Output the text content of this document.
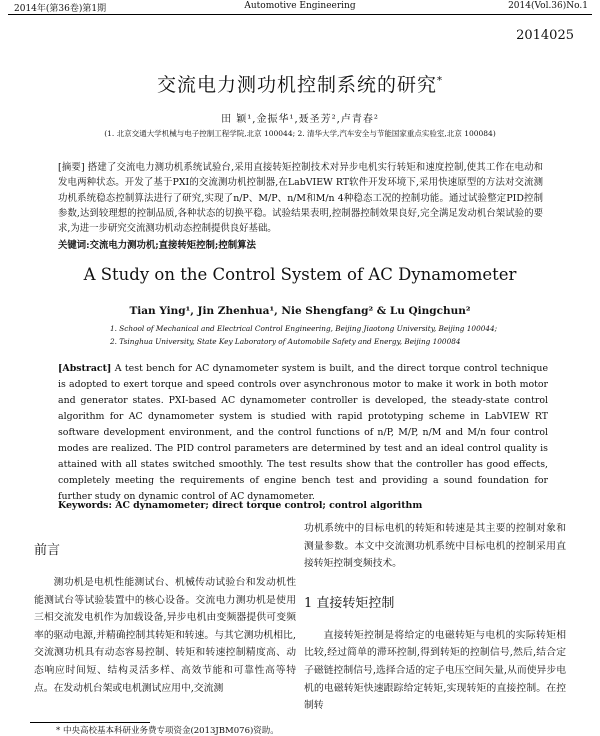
2014年(第36卷)第1期	Automotive Engineering	2014(Vol.36)No.1
2014025
交流电力测功机控制系统的研究*
田 颖¹,金振华¹,聂圣芳²,卢青春²
(1. 北京交通大学机械与电子控制工程学院,北京 100044; 2. 清华大学,汽车安全与节能国家重点实验室,北京 100084)
[摘要] 搭建了交流电力测功机系统试验台,采用直接转矩控制技术对异步电机实行转矩和速度控制,使其工作在电动和发电两种状态。开发了基于PXI的交流测功机控制器,在LabVIEW RT软件开发环境下,采用快速原型的方法对交流测功机系统稳态控制算法进行了研究,实现了n/P、M/P、n/M和M/n 4种稳态工况的控制功能。通过试验整定PID控制参数,达到较理想的控制品质,各种状态的切换平稳。试验结果表明,控制器控制效果良好,完全满足发动机台架试验的要求,为进一步研究交流测功机动态控制提供良好基础。
关键词:交流电力测功机;直接转矩控制;控制算法
A Study on the Control System of AC Dynamometer
Tian Ying¹, Jin Zhenhua¹, Nie Shengfang² & Lu Qingchun²
1. School of Mechanical and Electrical Control Engineering, Beijing Jiaotong University, Beijing 100044;
2. Tsinghua University, State Key Laboratory of Automobile Safety and Energy, Beijing 100084
[Abstract] A test bench for AC dynamometer system is built, and the direct torque control technique is adopted to exert torque and speed controls over asynchronous motor to make it work in both motor and generator states. PXI-based AC dynamometer controller is developed, the steady-state control algorithm for AC dynamometer system is studied with rapid prototyping scheme in LabVIEW RT software development environment, and the control functions of n/P, M/P, n/M and M/n four control modes are realized. The PID control parameters are determined by test and an ideal control quality is attained with all states switched smoothly. The test results show that the controller has good effects, completely meeting the requirements of engine bench test and providing a sound foundation for further study on dynamic control of AC dynamometer.
Keywords: AC dynamometer; direct torque control; control algorithm
前言

测功机是电机性能测试台、机械传动试验台和发动机性能测试台等试验装置中的核心设备。交流电力测功机是使用三相交流发电机作为加载设备,异步电机由变频器提供可变频率的驱动电源,并精确控制其转矩和转速。与其它测功机相比,交流测功机具有动态容易控制、转矩和转速控制精度高、动态响应时间短、结构灵活多样、高效节能和可靠性高等特点。在发动机台架或电机测试应用中,交流测

功机系统中的目标电机的转矩和转速是其主要的控制对象和测量参数。本文中交流测功机系统中目标电机的控制采用直接转矩控制变频技术。

1 直接转矩控制

直接转矩控制是将给定的电磁转矩与电机的实际转矩相比较,经过简单的滞环控制,得到转矩的控制信号,然后,结合定子磁链控制信号,选择合适的定子电压空间矢量,从而使异步电机的电磁转矩快速跟踪给定转矩,实现转矩的直接控制。在控制转

* 中央高校基本科研业务费专项资金(2013JBM076)资助。
